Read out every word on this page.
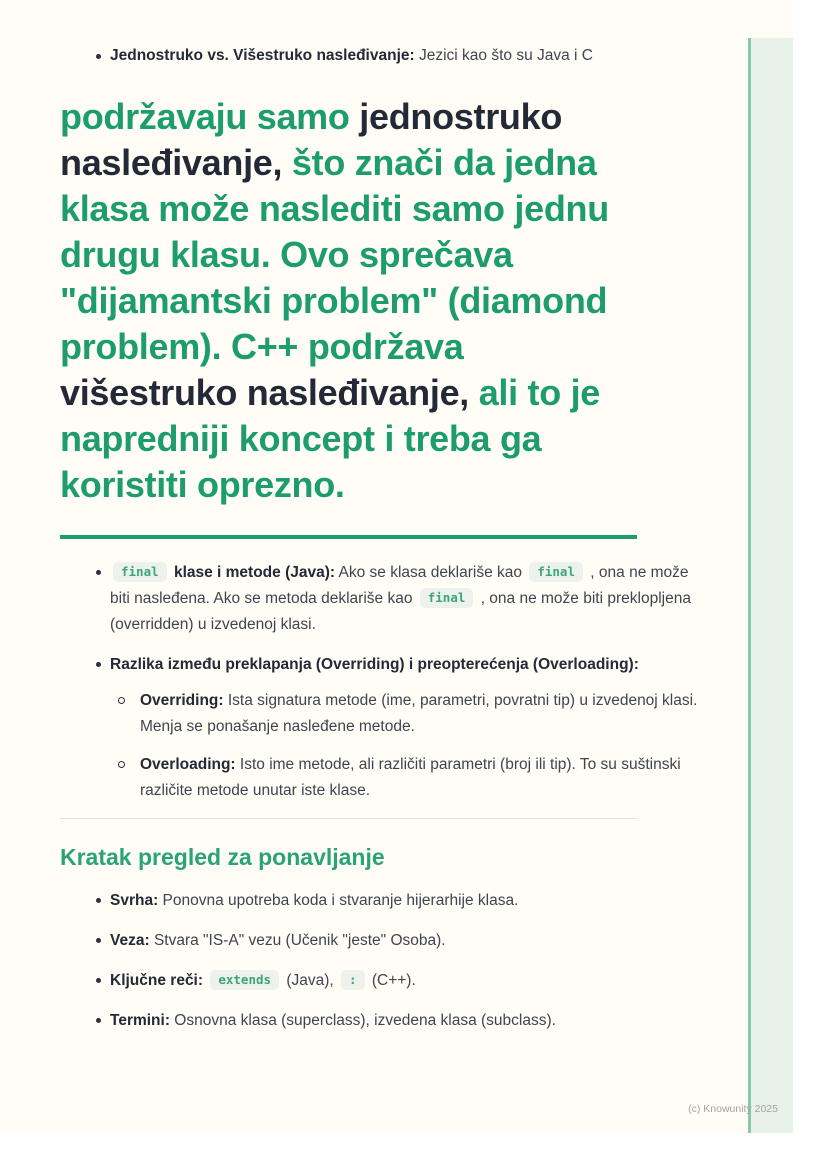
Jednostruko vs. Višestruko nasleđivanje: Jezici kao što su Java i C
podržavaju samo jednostruko nasleđivanje, što znači da jedna klasa može naslediti samo jednu drugu klasu. Ovo sprečava "dijamantski problem" (diamond problem). C++ podržava višestruko nasleđivanje, ali to je napredniji koncept i treba ga koristiti oprezno.
final klase i metode (Java): Ako se klasa deklariše kao final , ona ne može biti nasleđena. Ako se metoda deklariše kao final , ona ne može biti preklopljena (overridden) u izvedenoj klasi.
Razlika između preklapanja (Overriding) i preopterećenja (Overloading):
Overriding: Ista signatura metode (ime, parametri, povratni tip) u izvedenoj klasi. Menja se ponašanje nasleđene metode.
Overloading: Isto ime metode, ali različiti parametri (broj ili tip). To su suštinski različite metode unutar iste klase.
Kratak pregled za ponavljanje
Svrha: Ponovna upotreba koda i stvaranje hijerarhije klasa.
Veza: Stvara "IS-A" vezu (Učenik "jeste" Osoba).
Ključne reči: extends (Java), : (C++).
Termini: Osnovna klasa (superclass), izvedena klasa (subclass).
(c) Knowunity 2025
